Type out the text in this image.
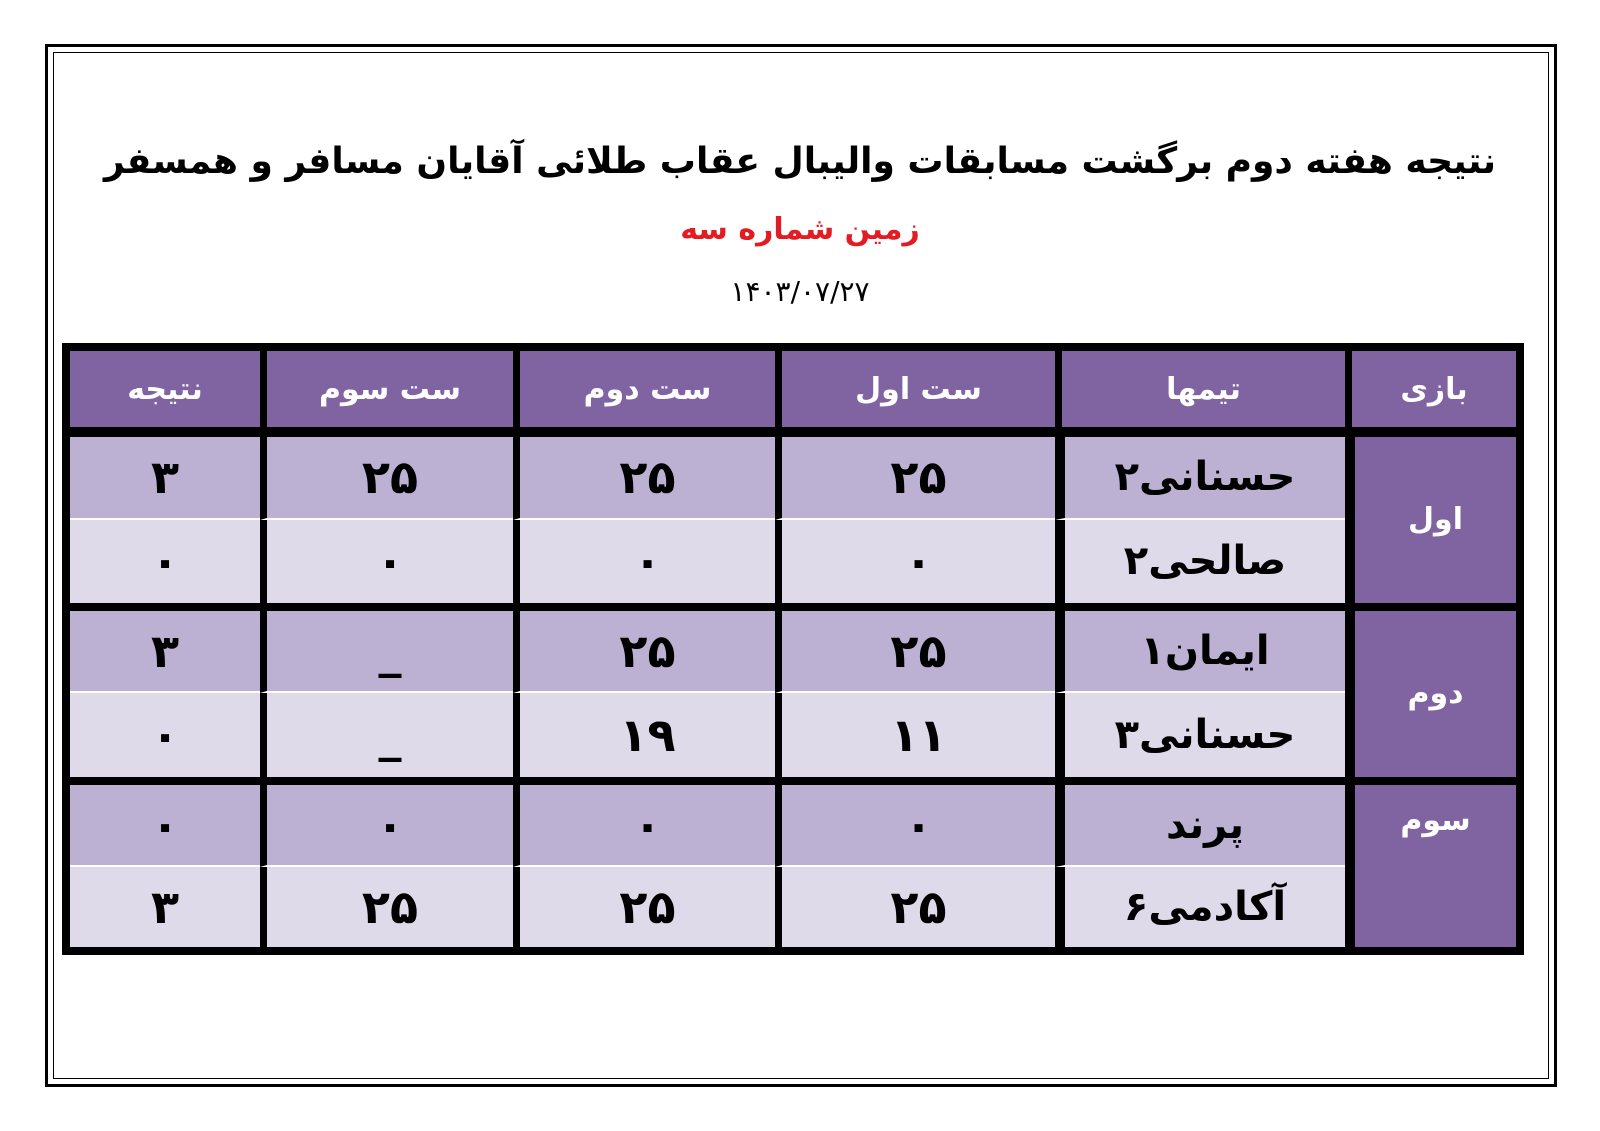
نتیجه هفته دوم برگشت مسابقات والیبال عقاب طلائی آقایان مسافر و همسفر
زمین شماره سه
۱۴۰۳/۰۷/۲۷
بازی	تیمها	ست اول	ست دوم	ست سوم	نتیجه
اول	حسنانی۲	۲۵	۲۵	۲۵	۳
	صالحی۲	۰	۰	۰	۰
دوم	ایمان۱	۲۵	۲۵	_	۳
	حسنانی۳	۱۱	۱۹	_	۰
سوم	پرند	۰	۰	۰	۰
	آکادمی۶	۲۵	۲۵	۲۵	۳
